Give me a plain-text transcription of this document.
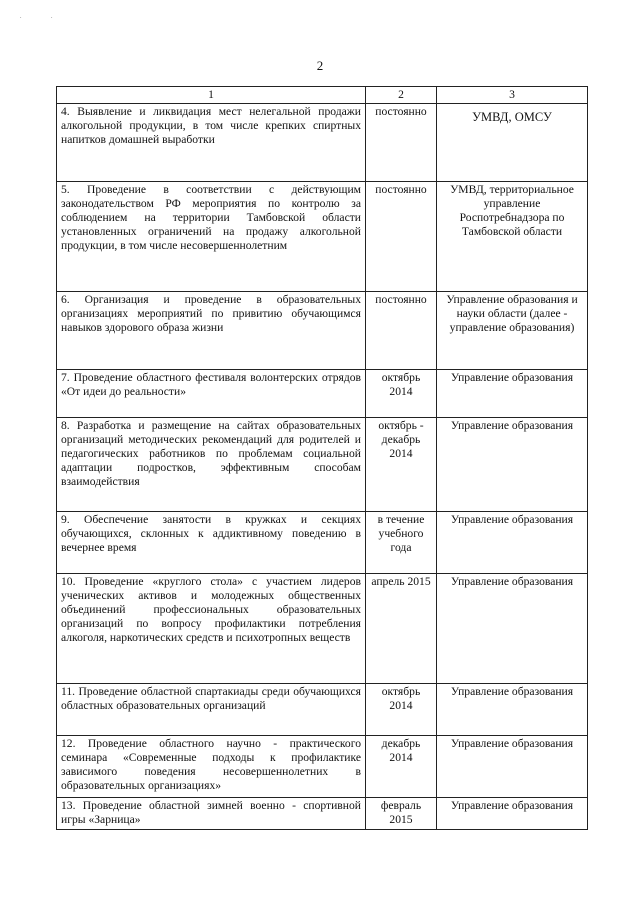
. .
2
1	2	3
4. Выявление и ликвидация мест нелегальной продажи алкогольной продукции, в том числе крепких спиртных напитков домашней выработки	постоянно	УМВД, ОМСУ
5. Проведение в соответствии с действующим законодательством РФ мероприятия по контролю за соблюдением на территории Тамбовской области установленных ограничений на продажу алкогольной продукции, в том числе несовершеннолетним	постоянно	УМВД, территориальное управление Роспотребнадзора по Тамбовской области
6. Организация и проведение в образовательных организациях мероприятий по привитию обучающимся навыков здорового образа жизни	постоянно	Управление образования и науки области (далее - управление образования)
7. Проведение областного фестиваля волонтерских отрядов «От идеи до реальности»	октябрь 2014	Управление образования
8. Разработка и размещение на сайтах образовательных организаций методических рекомендаций для родителей и педагогических работников по проблемам социальной адаптации подростков, эффективным способам взаимодействия	октябрь - декабрь 2014	Управление образования
9. Обеспечение занятости в кружках и секциях обучающихся, склонных к аддиктивному поведению в вечернее время	в течение учебного года	Управление образования
10. Проведение «круглого стола» с участием лидеров ученических активов и молодежных общественных объединений профессиональных образовательных организаций по вопросу профилактики потребления алкоголя, наркотических средств и психотропных веществ	апрель 2015	Управление образования
11. Проведение областной спартакиады среди обучающихся областных образовательных организаций	октябрь 2014	Управление образования
12. Проведение областного научно - практического семинара «Современные подходы к профилактике зависимого поведения несовершеннолетних в образовательных организациях»	декабрь 2014	Управление образования
13. Проведение областной зимней военно - спортивной игры «Зарница»	февраль 2015	Управление образования
